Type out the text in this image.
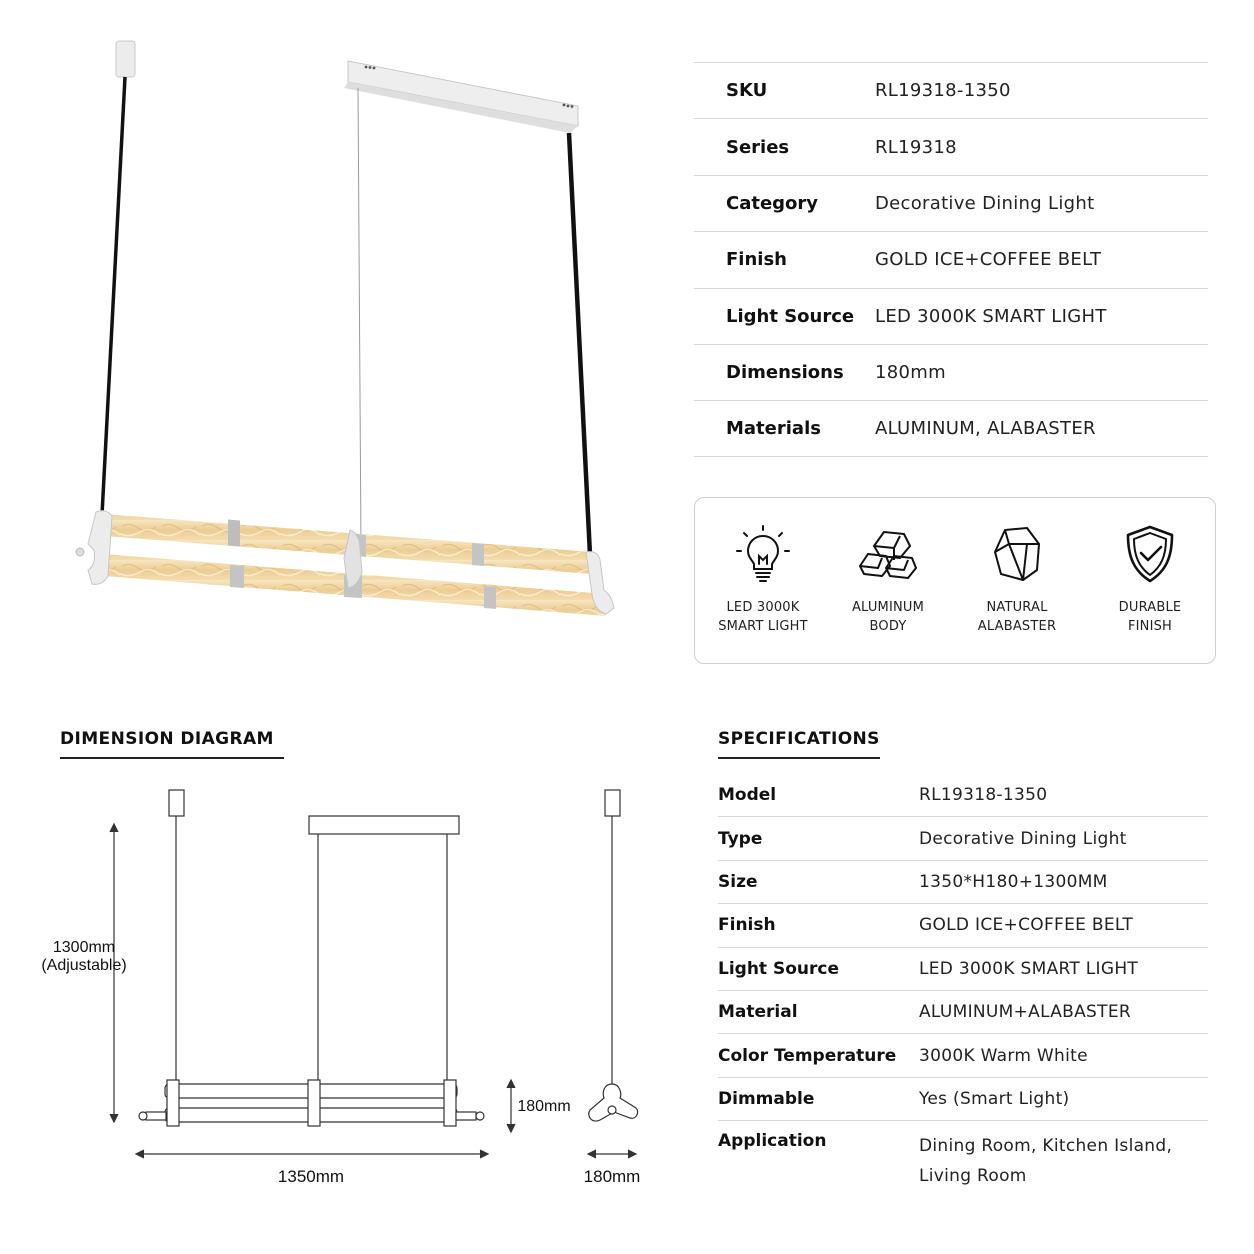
SKU	RL19318-1350
Series	RL19318
Category	Decorative Dining Light
Finish	GOLD ICE+COFFEE BELT
Light Source	LED 3000K SMART LIGHT
Dimensions	180mm
Materials	ALUMINUM, ALABASTER
LED 3000K
SMART LIGHT
ALUMINUM
BODY
NATURAL
ALABASTER
DURABLE
FINISH
DIMENSION DIAGRAM	SPECIFICATIONS
1300mm
(Adjustable)
180mm
1350mm	180mm
Model	RL19318-1350
Type	Decorative Dining Light
Size	1350*H180+1300MM
Finish	GOLD ICE+COFFEE BELT
Light Source	LED 3000K SMART LIGHT
Material	ALUMINUM+ALABASTER
Color Temperature	3000K Warm White
Dimmable	Yes (Smart Light)
Application	Dining Room, Kitchen Island,
Living Room
